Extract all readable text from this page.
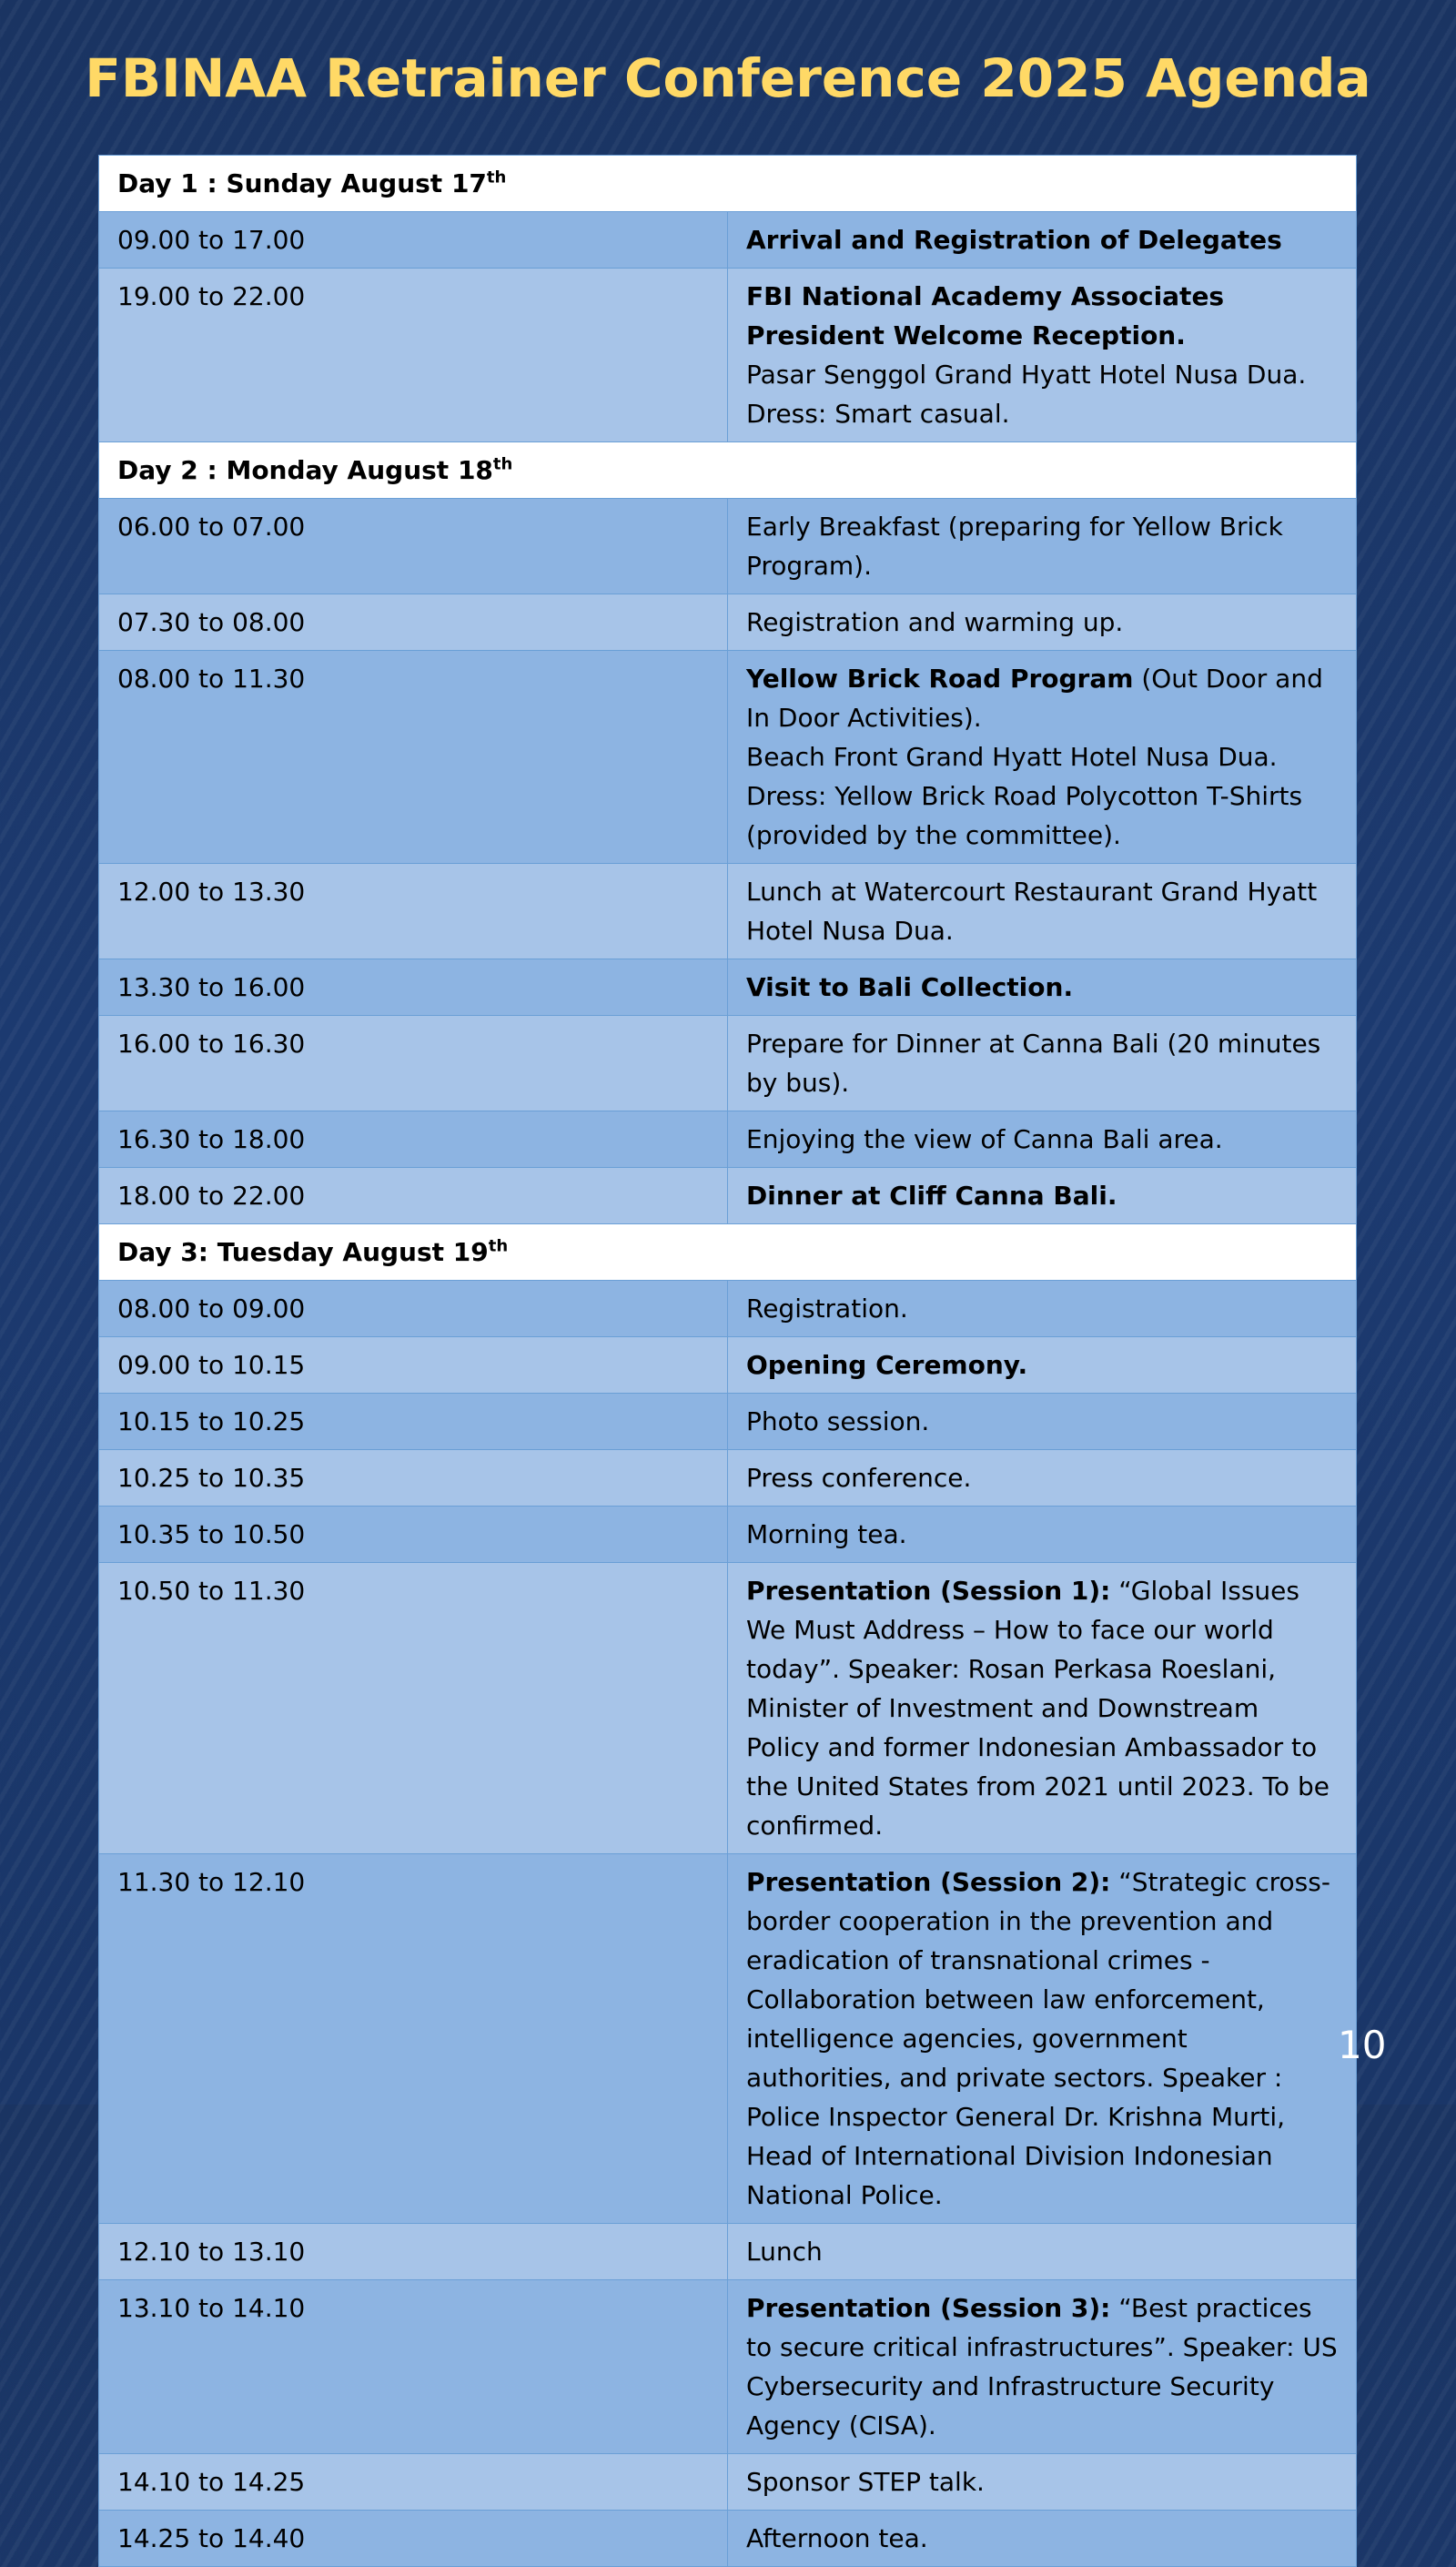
FBINAA Retrainer Conference 2025 Agenda
Day 1 : Sunday August 17th
09.00 to 17.00	Arrival and Registration of Delegates

19.00 to 22.00	FBI National Academy Associates President Welcome Reception.
Pasar Senggol Grand Hyatt Hotel Nusa Dua.
Dress: Smart casual.

Day 2 : Monday August 18th
06.00 to 07.00	Early Breakfast (preparing for Yellow Brick Program).

07.30 to 08.00	Registration and warming up.

08.00 to 11.30	Yellow Brick Road Program (Out Door and In Door Activities).
Beach Front Grand Hyatt Hotel Nusa Dua.
Dress: Yellow Brick Road Polycotton T-Shirts (provided by the committee).

12.00 to 13.30	Lunch at Watercourt Restaurant Grand Hyatt Hotel Nusa Dua.

13.30 to 16.00	Visit to Bali Collection.

16.00 to 16.30	Prepare for Dinner at Canna Bali (20 minutes by bus).

16.30 to 18.00	Enjoying the view of Canna Bali area.

18.00 to 22.00	Dinner at Cliff Canna Bali.

Day 3: Tuesday August 19th
08.00 to 09.00	Registration.

09.00 to 10.15	Opening Ceremony.

10.15 to 10.25	Photo session.

10.25 to 10.35	Press conference.

10.35 to 10.50	Morning tea.

10.50 to 11.30	Presentation (Session 1): “Global Issues We Must Address – How to face our world today”. Speaker: Rosan Perkasa Roeslani, Minister of Investment and Downstream Policy and former Indonesian Ambassador to the United States from 2021 until 2023. To be confirmed.

11.30 to 12.10	Presentation (Session 2): “Strategic cross-border cooperation in the prevention and eradication of transnational crimes - Collaboration between law enforcement, intelligence agencies, government authorities, and private sectors. Speaker : Police Inspector General Dr. Krishna Murti, Head of International Division Indonesian National Police.

12.10 to 13.10	Lunch

13.10 to 14.10	Presentation (Session 3): “Best practices to secure critical infrastructures”. Speaker: US Cybersecurity and Infrastructure Security Agency (CISA).

14.10 to 14.25	Sponsor STEP talk.

14.25 to 14.40	Afternoon tea.
10
